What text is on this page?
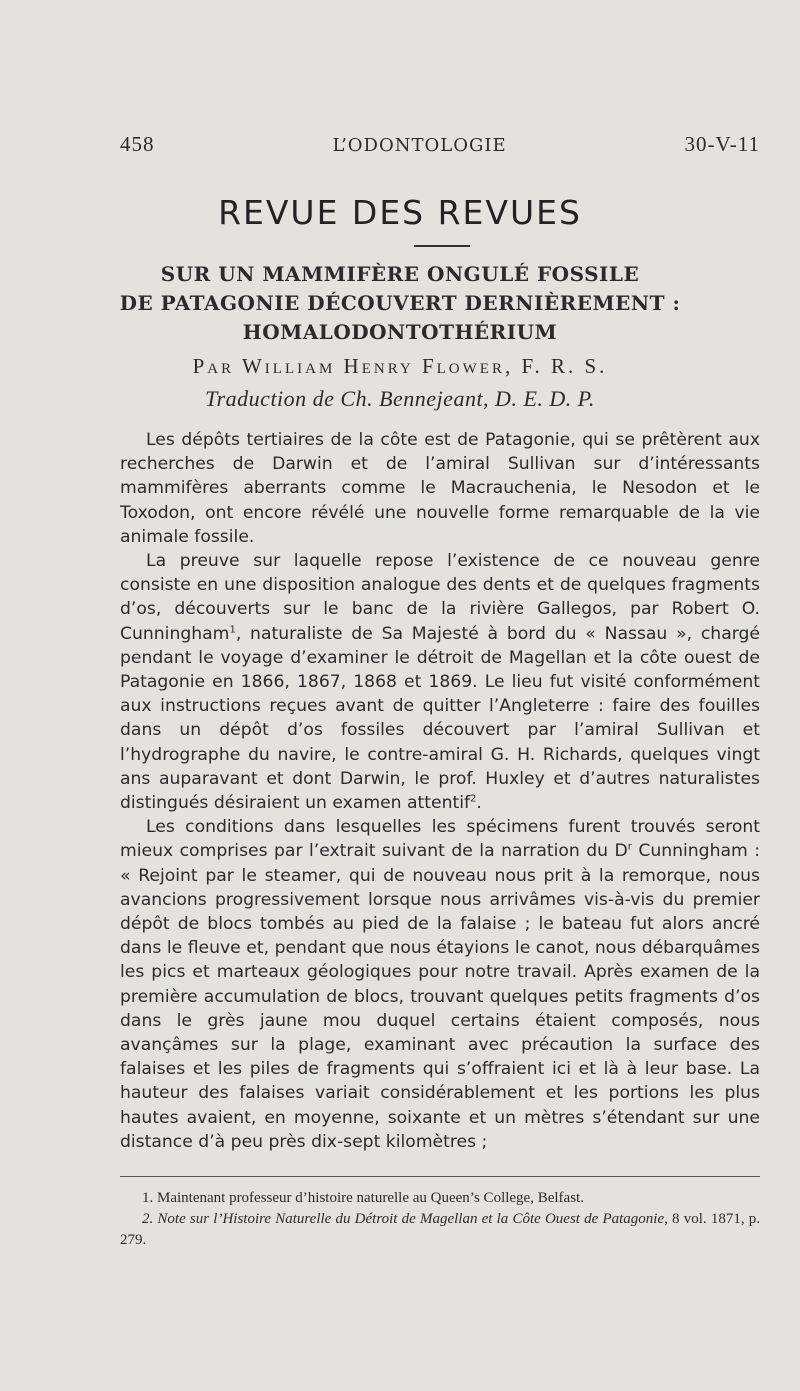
458	L’ODONTOLOGIE	30-V-11
REVUE DES REVUES
SUR UN MAMMIFÈRE ONGULÉ FOSSILE
DE PATAGONIE DÉCOUVERT DERNIÈREMENT :
HOMALODONTOTHÉRIUM
Par William Henry Flower, F. R. S.
Traduction de Ch. Bennejeant, D. E. D. P.

Les dépôts tertiaires de la côte est de Patagonie, qui se prêtèrent aux recherches de Darwin et de l’amiral Sullivan sur d’intéressants mammifères aberrants comme le Macrauchenia, le Nesodon et le Toxodon, ont encore révélé une nouvelle forme remarquable de la vie animale fossile.

La preuve sur laquelle repose l’existence de ce nouveau genre consiste en une disposition analogue des dents et de quelques fragments d’os, découverts sur le banc de la rivière Gallegos, par Robert O. Cunningham$^1$, naturaliste de Sa Majesté à bord du « Nassau », chargé pendant le voyage d’examiner le détroit de Magellan et la côte ouest de Patagonie en 1866, 1867, 1868 et 1869. Le lieu fut visité conformément aux instructions reçues avant de quitter l’Angleterre : faire des fouilles dans un dépôt d’os fossiles découvert par l’amiral Sullivan et l’hydrographe du navire, le contre-amiral G. H. Richards, quelques vingt ans auparavant et dont Darwin, le prof. Huxley et d’autres naturalistes distingués désiraient un examen attentif$^2$.

Les conditions dans lesquelles les spécimens furent trouvés seront mieux comprises par l’extrait suivant de la narration du $D^r$ Cunningham : « Rejoint par le steamer, qui de nouveau nous prit à la remorque, nous avancions progressivement lorsque nous arrivâmes vis-à-vis du premier dépôt de blocs tombés au pied de la falaise ; le bateau fut alors ancré dans le fleuve et, pendant que nous étayions le canot, nous débarquâmes les pics et marteaux géologiques pour notre travail. Après examen de la première accumulation de blocs, trouvant quelques petits fragments d’os dans le grès jaune mou duquel certains étaient composés, nous avançâmes sur la plage, examinant avec précaution la surface des falaises et les piles de fragments qui s’offraient ici et là à leur base. La hauteur des falaises variait considérablement et les portions les plus hautes avaient, en moyenne, soixante et un mètres s’étendant sur une distance d’à peu près dix-sept kilomètres ;

1. Maintenant professeur d’histoire naturelle au Queen’s College, Belfast.
2. Note sur l’Histoire Naturelle du Détroit de Magellan et la Côte Ouest de Patagonie, 8 vol. 1871, p. 279.
